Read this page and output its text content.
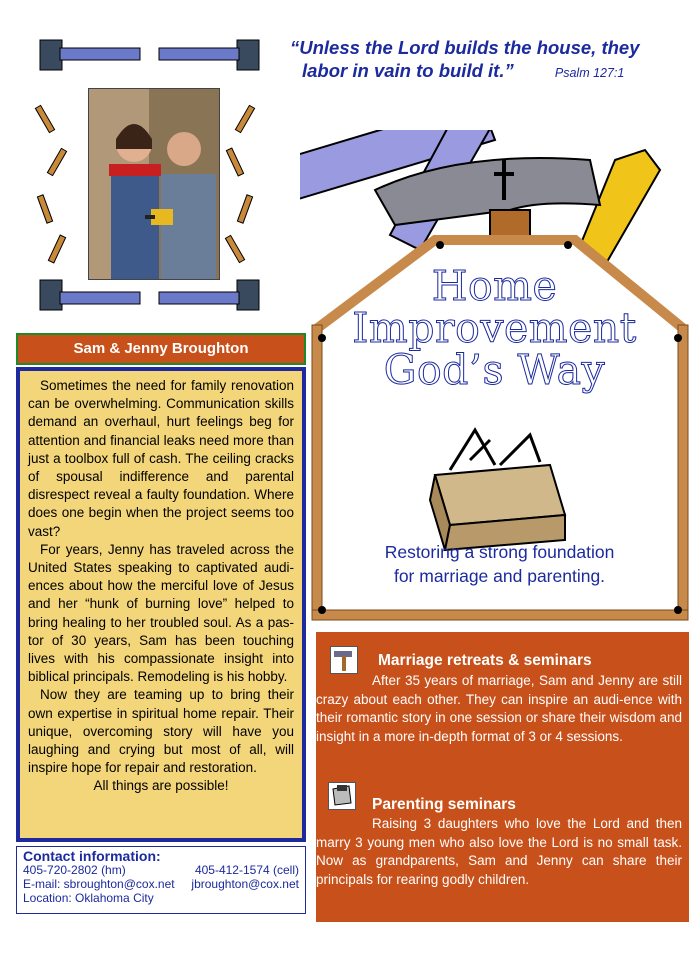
“Unless the Lord builds the house, they
labor in vain to build it.”	Psalm 127:1
Sam & Jenny Broughton

Sometimes the need for family renovation can be overwhelming. Communication skills demand an overhaul, hurt feelings beg for attention and financial leaks need more than just a toolbox full of cash. The ceiling cracks of spousal indifference and parental disrespect reveal a faulty foundation. Where does one begin when the project seems too vast?

For years, Jenny has traveled across the United States speaking to captivated audi-ences about how the merciful love of Jesus and her “hunk of burning love” helped to bring healing to her troubled soul. As a pas-tor of 30 years, Sam has been touching lives with his compassionate insight into biblical principals. Remodeling is his hobby.

Now they are teaming up to bring their own expertise in spiritual home repair. Their unique, overcoming story will have you laughing and crying but most of all, will inspire hope for repair and restoration.

All things are possible!

Contact information:
405-720-2802 (hm)	405-412-1574 (cell)
E-mail: sbroughton@cox.net jbroughton@cox.net
Location: Oklahoma City
Home
Improvement
God’s Way
Restoring a strong foundation
for marriage and parenting.
Marriage retreats & seminars
After 35 years of marriage, Sam and Jenny are still crazy about each other. They can inspire an audi-ence with their romantic story in one session or share their wisdom and insight in a more in-depth format of 3 or 4 sessions.
Parenting seminars
Raising 3 daughters who love the Lord and then marry 3 young men who also love the Lord is no small task. Now as grandparents, Sam and Jenny can share their principals for rearing godly children.
